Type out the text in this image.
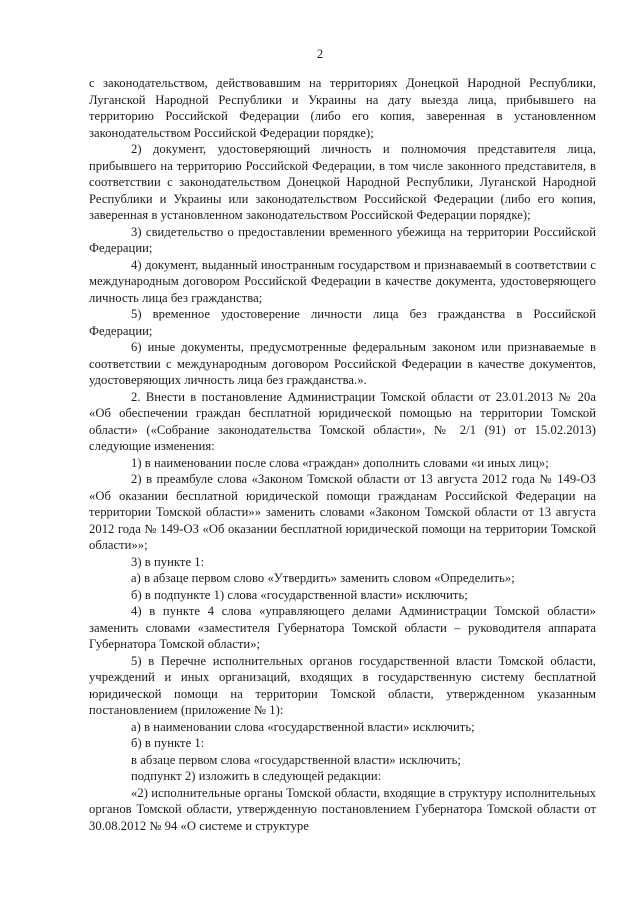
2

с законодательством, действовавшим на территориях Донецкой Народной Республики, Луганской Народной Республики и Украины на дату выезда лица, прибывшего на территорию Российской Федерации (либо его копия, заверенная в установленном законодательством Российской Федерации порядке);

2) документ, удостоверяющий личность и полномочия представителя лица, прибывшего на территорию Российской Федерации, в том числе законного представителя, в соответствии с законодательством Донецкой Народной Республики, Луганской Народной Республики и Украины или законодательством Российской Федерации (либо его копия, заверенная в установленном законодательством Российской Федерации порядке);

3) свидетельство о предоставлении временного убежища на территории Российской Федерации;

4) документ, выданный иностранным государством и признаваемый в соответствии с международным договором Российской Федерации в качестве документа, удостоверяющего личность лица без гражданства;

5) временное удостоверение личности лица без гражданства в Российской Федерации;

6) иные документы, предусмотренные федеральным законом или признаваемые в соответствии с международным договором Российской Федерации в качестве документов, удостоверяющих личность лица без гражданства.».

2. Внести в постановление Администрации Томской области от 23.01.2013 № 20а «Об обеспечении граждан бесплатной юридической помощью на территории Томской области» («Собрание законодательства Томской области», № 2/1 (91) от 15.02.2013) следующие изменения:

1) в наименовании после слова «граждан» дополнить словами «и иных лиц»;

2) в преамбуле слова «Законом Томской области от 13 августа 2012 года № 149-ОЗ «Об оказании бесплатной юридической помощи гражданам Российской Федерации на территории Томской области»» заменить словами «Законом Томской области от 13 августа 2012 года № 149-ОЗ «Об оказании бесплатной юридической помощи на территории Томской области»»;

3) в пункте 1:

а) в абзаце первом слово «Утвердить» заменить словом «Определить»;

б) в подпункте 1) слова «государственной власти» исключить;

4) в пункте 4 слова «управляющего делами Администрации Томской области» заменить словами «заместителя Губернатора Томской области – руководителя аппарата Губернатора Томской области»;

5) в Перечне исполнительных органов государственной власти Томской области, учреждений и иных организаций, входящих в государственную систему бесплатной юридической помощи на территории Томской области, утвержденном указанным постановлением (приложение № 1):

а) в наименовании слова «государственной власти» исключить;

б) в пункте 1:

в абзаце первом слова «государственной власти» исключить;

подпункт 2) изложить в следующей редакции:

«2) исполнительные органы Томской области, входящие в структуру исполнительных органов Томской области, утвержденную постановлением Губернатора Томской области от 30.08.2012 № 94 «О системе и структуре
